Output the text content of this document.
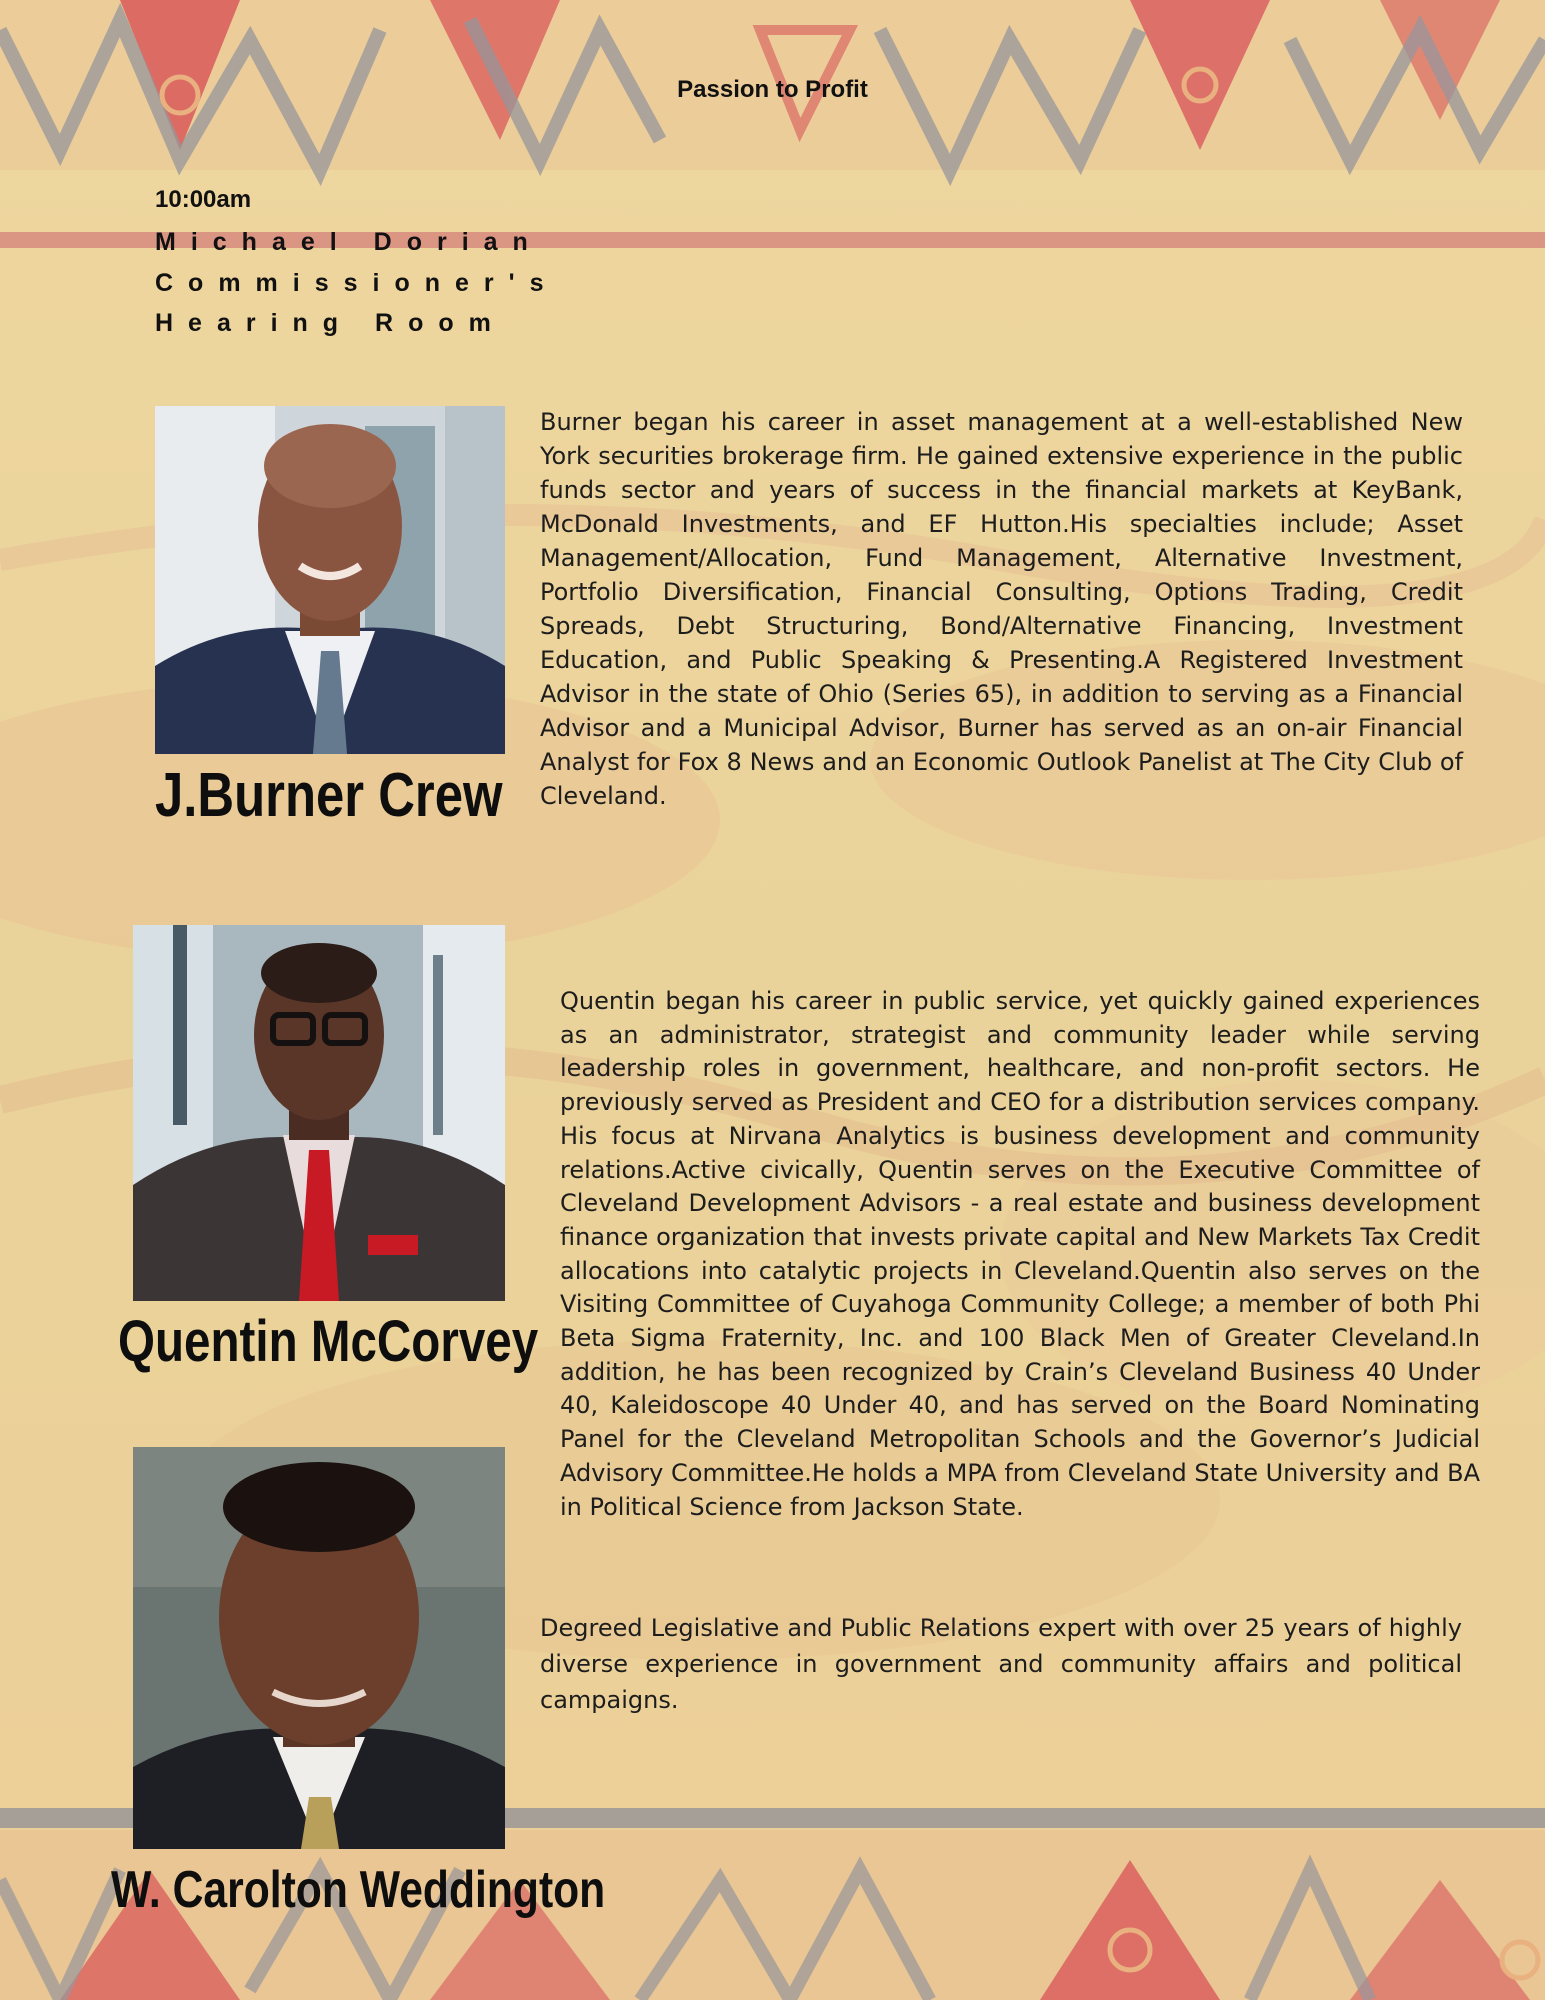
Passion to Profit
10:00am
Michael Dorian
Commissioner's
Hearing Room
J.Burner Crew
Burner began his career in asset management at a well-established New York securities brokerage firm. He gained extensive experience in the public funds sector and years of success in the financial markets at KeyBank, McDonald Investments, and EF Hutton.His specialties include; Asset Management/Allocation, Fund Management, Alternative Investment, Portfolio Diversification, Financial Consulting, Options Trading, Credit Spreads, Debt Structuring, Bond/Alternative Financing, Investment Education, and Public Speaking & Presenting.A Registered Investment Advisor in the state of Ohio (Series 65), in addition to serving as a Financial Advisor and a Municipal Advisor, Burner has served as an on-air Financial Analyst for Fox 8 News and an Economic Outlook Panelist at The City Club of Cleveland.
Quentin McCorvey
Quentin began his career in public service, yet quickly gained experiences as an administrator, strategist and community leader while serving leadership roles in government, healthcare, and non-profit sectors. He previously served as President and CEO for a distribution services company. His focus at Nirvana Analytics is business development and community relations.Active civically, Quentin serves on the Executive Committee of Cleveland Development Advisors - a real estate and business development finance organization that invests private capital and New Markets Tax Credit allocations into catalytic projects in Cleveland.Quentin also serves on the Visiting Committee of Cuyahoga Community College; a member of both Phi Beta Sigma Fraternity, Inc. and 100 Black Men of Greater Cleveland.In addition, he has been recognized by Crain’s Cleveland Business 40 Under 40, Kaleidoscope 40 Under 40, and has served on the Board Nominating Panel for the Cleveland Metropolitan Schools and the Governor’s Judicial Advisory Committee.He holds a MPA from Cleveland State University and BA in Political Science from Jackson State.
W. Carolton Weddington
Degreed Legislative and Public Relations expert with over 25 years of highly diverse experience in government and community affairs and political campaigns.
